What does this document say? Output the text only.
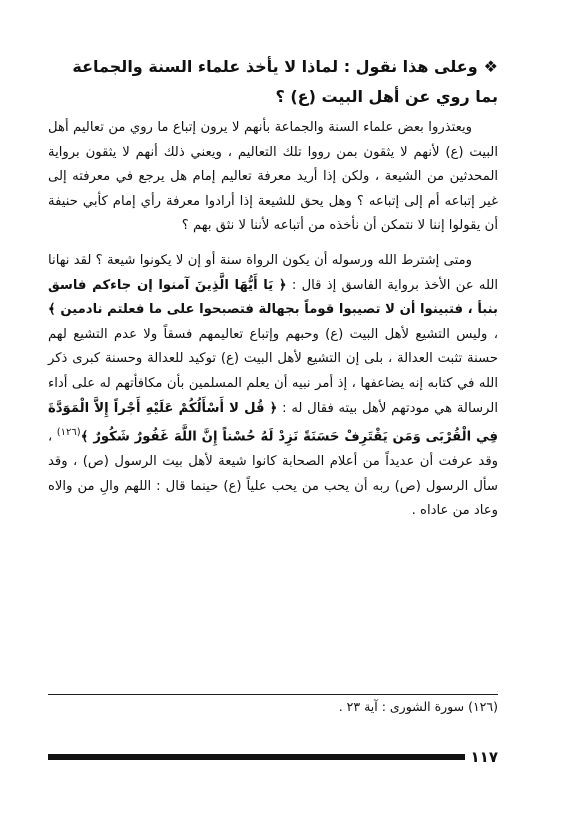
❖وعلى هذا نقول : لماذا لا يأخذ علماء السنة والجماعة بما روي عن أهل البيت (ع) ؟

ويعتذروا بعض علماء السنة والجماعة بأنهم لا يرون إتباع ما روي من تعاليم أهل البيت (ع) لأنهم لا يثقون بمن رووا تلك التعاليم ، ويعني ذلك أنهم لا يثقون برواية المحدثين من الشيعة ، ولكن إذا أريد معرفة تعاليم إمام هل يرجع في معرفته إلى غير إتباعه أم إلى إتباعه ؟ وهل يحق للشيعة إذا أرادوا معرفة رأي إمام كأبي حنيفة أن يقولوا إننا لا نتمكن أن نأخذه من أتباعه لأننا لا نثق بهم ؟

ومتى إشترط الله ورسوله أن يكون الرواة سنة أو إن لا يكونوا شيعة ؟ لقد نهانا الله عن الأخذ برواية الفاسق إذ قال : ﴿ يَا أَيُّهَا الَّذِينَ آمنوا إن جاءكم فاسق بنبأ ، فتبينوا أن لا تصيبوا قوماً بجهالة فتصبحوا على ما فعلتم نادمين ﴾ ، وليس التشيع لأهل البيت (ع) وحبهم وإتباع تعاليمهم فسقاً ولا عدم التشيع لهم حسنة تثبت العدالة ، بلى إن التشيع لأهل البيت (ع) توكيد للعدالة وحسنة كبرى ذكر الله في كتابه إنه يضاعفها ، إذ أمر نبيه أن يعلم المسلمين بأن مكافأتهم له على أداء الرسالة هي مودتهم لأهل بيته فقال له : ﴿ قُل لا أَسْأَلُكُمْ عَلَيْهِ أَجْراً إِلاَّ الْمَوَدَّةَ فِي الْقُرْبَى وَمَن يَقْتَرِفْ حَسَنَةً نَزِدْ لَهُ حُسْناً إِنَّ اللَّهَ غَفُورٌ شَكُورٌ ﴾$^{(١٢٦)}$ ، وقد عرفت أن عديداً من أعلام الصحابة كانوا شيعة لأهل بيت الرسول (ص) ، وقد سأل الرسول (ص) ربه أن يحب من يحب علياً (ع) حينما قال : اللهم والِ من والاه وعاد من عاداه .

(١٢٦) سورة الشورى : آية ٢٣ .
١١٧
